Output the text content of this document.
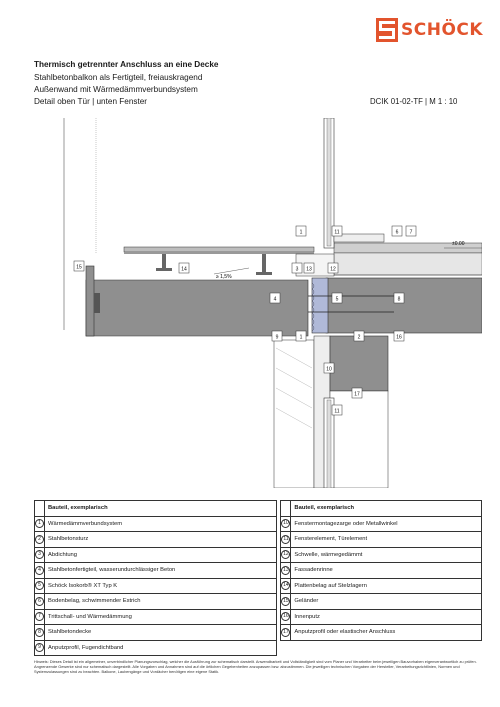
SCHÖCK
Thermisch getrennter Anschluss an eine Decke
Stahlbetonbalkon als Fertigteil, freiauskragend
Außenwand mit Wärmedämmverbundsystem
Detail oben Tür | unten Fenster	DCIK 01-02-TF | M 1 : 10
≥ 1,5%
±0.00
1	11	6 7
15	14	3 13	12
4	5	8
9	1	2	16
10
17
11
	Bauteil, exemplarisch			Bauteil, exemplarisch
1	Wärmedämmverbundsystem		10	Fenstermontagezarge oder Metallwinkel
2	Stahlbetonsturz		11	Fensterelement, Türelement
3	Abdichtung		12	Schwelle, wärmegedämmt
4	Stahlbetonfertigteil, wasserundurchlässiger Beton		13	Fassadenrinne
5	Schöck Isokorb® XT Typ K		14	Plattenbelag auf Stelzlagern
6	Bodenbelag, schwimmender Estrich		15	Geländer
7	Trittschall- und Wärmedämmung		16	Innenputz
8	Stahlbetondecke		17	Anputzprofil oder elastischer Anschluss
9	Anputzprofil, Fugendichtband			
Hinweis: Dieses Detail ist ein allgemeiner, unverbindlicher Planungsvorschlag, welcher die Ausführung zur schematisch darstellt. Anwendbarkeit und Vollständigkeit sind vom Planer und Verarbeiter beim jeweiligen Bauvorhaben eigenverantwortlich zu prüfen. Angrenzende Gewerke sind nur schematisch dargestellt. Alle Vorgaben und Annahmen sind auf die örtlichen Gegebenheiten anzupassen bzw. abzustimmen. Die jeweiligen technischen Vorgaben der Hersteller, Verarbeitungsrichtlinien, Normen und Systemzulassungen sind zu beachten. Balkone, Laubengänge und Vordächer benötigen eine eigene Statik.
